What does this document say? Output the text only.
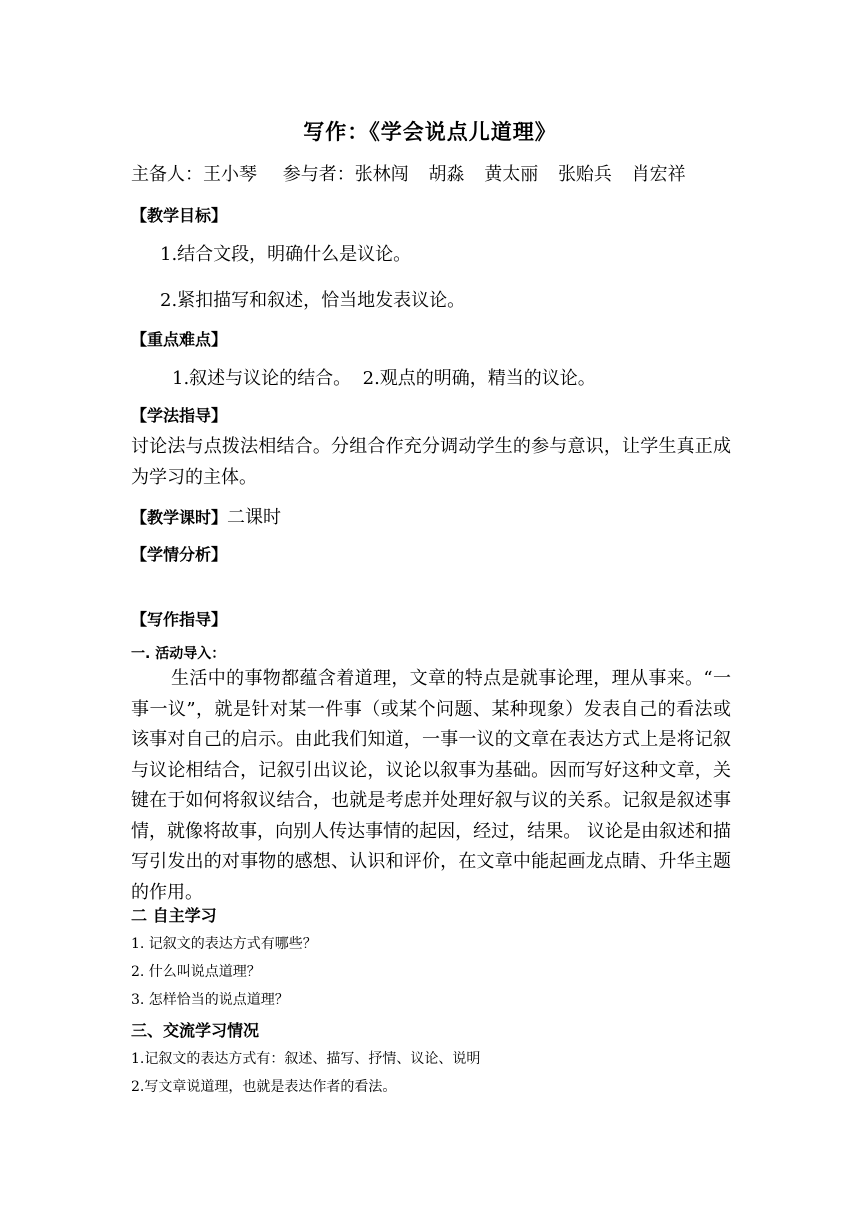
写作：《学会说点儿道理》
主备人：王小琴 参与者：张林闯 胡淼 黄太丽 张贻兵 肖宏祥
【教学目标】
1.结合文段，明确什么是议论。
2.紧扣描写和叙述，恰当地发表议论。
【重点难点】
1.叙述与议论的结合。  2.观点的明确，精当的议论。
【学法指导】
讨论法与点拨法相结合。分组合作充分调动学生的参与意识，让学生真正成为学习的主体。
【教学课时】二课时
【学情分析】
【写作指导】
一. 活动导入：
生活中的事物都蕴含着道理，文章的特点是就事论理，理从事来。“一事一议”，就是针对某一件事（或某个问题、某种现象）发表自己的看法或该事对自己的启示。由此我们知道，一事一议的文章在表达方式上是将记叙与议论相结合，记叙引出议论，议论以叙事为基础。因而写好这种文章，关键在于如何将叙议结合，也就是考虑并处理好叙与议的关系。记叙是叙述事情，就像将故事，向别人传达事情的起因，经过，结果。 议论是由叙述和描写引发出的对事物的感想、认识和评价，在文章中能起画龙点睛、升华主题的作用。
二 自主学习
1. 记叙文的表达方式有哪些？
2. 什么叫说点道理？
3. 怎样恰当的说点道理？
三、交流学习情况
1.记叙文的表达方式有：叙述、描写、抒情、议论、说明
2.写文章说道理，也就是表达作者的看法。
